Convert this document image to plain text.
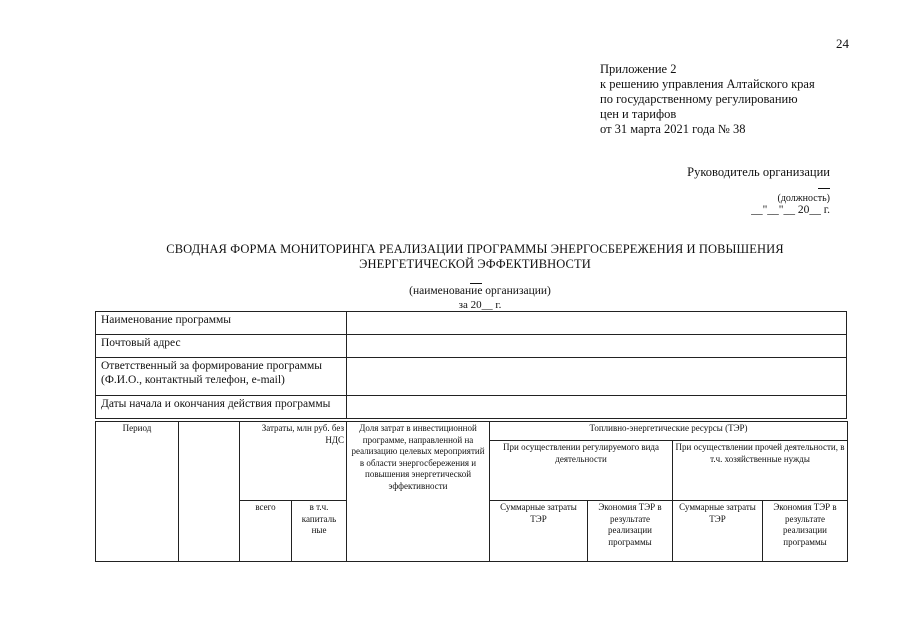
24
Приложение 2
к решению управления Алтайского края
по государственному регулированию
цен и тарифов
от 31 марта 2021 года № 38
Руководитель организации
(должность)
__"__"__ 20__ г.
СВОДНАЯ ФОРМА МОНИТОРИНГА РЕАЛИЗАЦИИ ПРОГРАММЫ ЭНЕРГОСБЕРЕЖЕНИЯ И ПОВЫШЕНИЯ ЭНЕРГЕТИЧЕСКОЙ ЭФФЕКТИВНОСТИ
(наименование организации)
за 20__ г.
Наименование программы	
Почтовый адрес	
Ответственный за формирование программы (Ф.И.О., контактный телефон, e-mail)	
Даты начала и окончания действия программы	
Период		Затраты, млн руб. без НДС		Доля затрат в инвестиционной программе, направленной на реализацию целевых мероприятий в области энергосбережения и повышения энергетической эффективности	Топливно-энергетические ресурсы (ТЭР)			
					При осуществлении регулируемого вида деятельности		При осуществлении прочей деятельности, в т.ч. хозяйственные нужды	
		всего	в т.ч. капиталь ные		Суммарные затраты ТЭР	Экономия ТЭР в результате реализации программы	Суммарные затраты ТЭР	Экономия ТЭР в результате реализации программы
